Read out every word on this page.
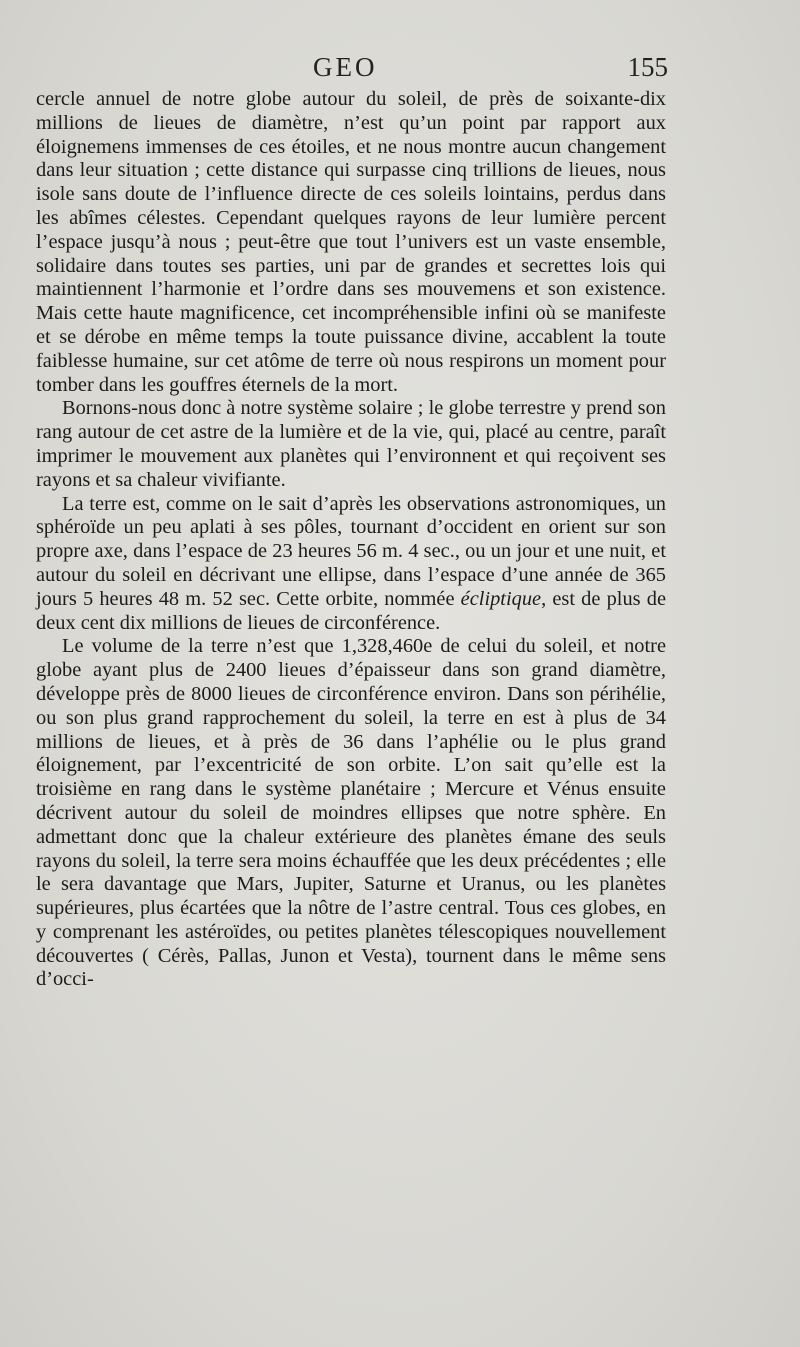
GEO	155

cercle annuel de notre globe autour du soleil, de près de soixante-dix millions de lieues de diamètre, n’est qu’un point par rapport aux éloignemens immenses de ces étoiles, et ne nous montre aucun changement dans leur situation ; cette distance qui surpasse cinq trillions de lieues, nous isole sans doute de l’influence directe de ces soleils lointains, perdus dans les abîmes célestes. Cependant quelques rayons de leur lumière percent l’espace jusqu’à nous ; peut-être que tout l’univers est un vaste ensemble, solidaire dans toutes ses parties, uni par de grandes et secrettes lois qui maintiennent l’harmonie et l’ordre dans ses mouvemens et son existence. Mais cette haute magnificence, cet incompréhensible infini où se manifeste et se dérobe en même temps la toute puissance divine, accablent la toute faiblesse humaine, sur cet atôme de terre où nous respirons un moment pour tomber dans les gouffres éternels de la mort.

Bornons-nous donc à notre système solaire ; le globe terrestre y prend son rang autour de cet astre de la lumière et de la vie, qui, placé au centre, paraît imprimer le mouvement aux planètes qui l’environnent et qui reçoivent ses rayons et sa chaleur vivifiante.

La terre est, comme on le sait d’après les observations astronomiques, un sphéroïde un peu aplati à ses pôles, tournant d’occident en orient sur son propre axe, dans l’espace de 23 heures 56 m. 4 sec., ou un jour et une nuit, et autour du soleil en décrivant une ellipse, dans l’espace d’une année de 365 jours 5 heures 48 m. 52 sec. Cette orbite, nommée écliptique, est de plus de deux cent dix millions de lieues de circonférence.

Le volume de la terre n’est que 1,328,460e de celui du soleil, et notre globe ayant plus de 2400 lieues d’épaisseur dans son grand diamètre, développe près de 8000 lieues de circonférence environ. Dans son périhélie, ou son plus grand rapprochement du soleil, la terre en est à plus de 34 millions de lieues, et à près de 36 dans l’aphélie ou le plus grand éloignement, par l’excentricité de son orbite. L’on sait qu’elle est la troisième en rang dans le système planétaire ; Mercure et Vénus ensuite décrivent autour du soleil de moindres ellipses que notre sphère. En admettant donc que la chaleur extérieure des planètes émane des seuls rayons du soleil, la terre sera moins échauffée que les deux précédentes ; elle le sera davantage que Mars, Jupiter, Saturne et Uranus, ou les planètes supérieures, plus écartées que la nôtre de l’astre central. Tous ces globes, en y comprenant les astéroïdes, ou petites planètes télescopiques nouvellement découvertes ( Cérès, Pallas, Junon et Vesta), tournent dans le même sens d’occi-
